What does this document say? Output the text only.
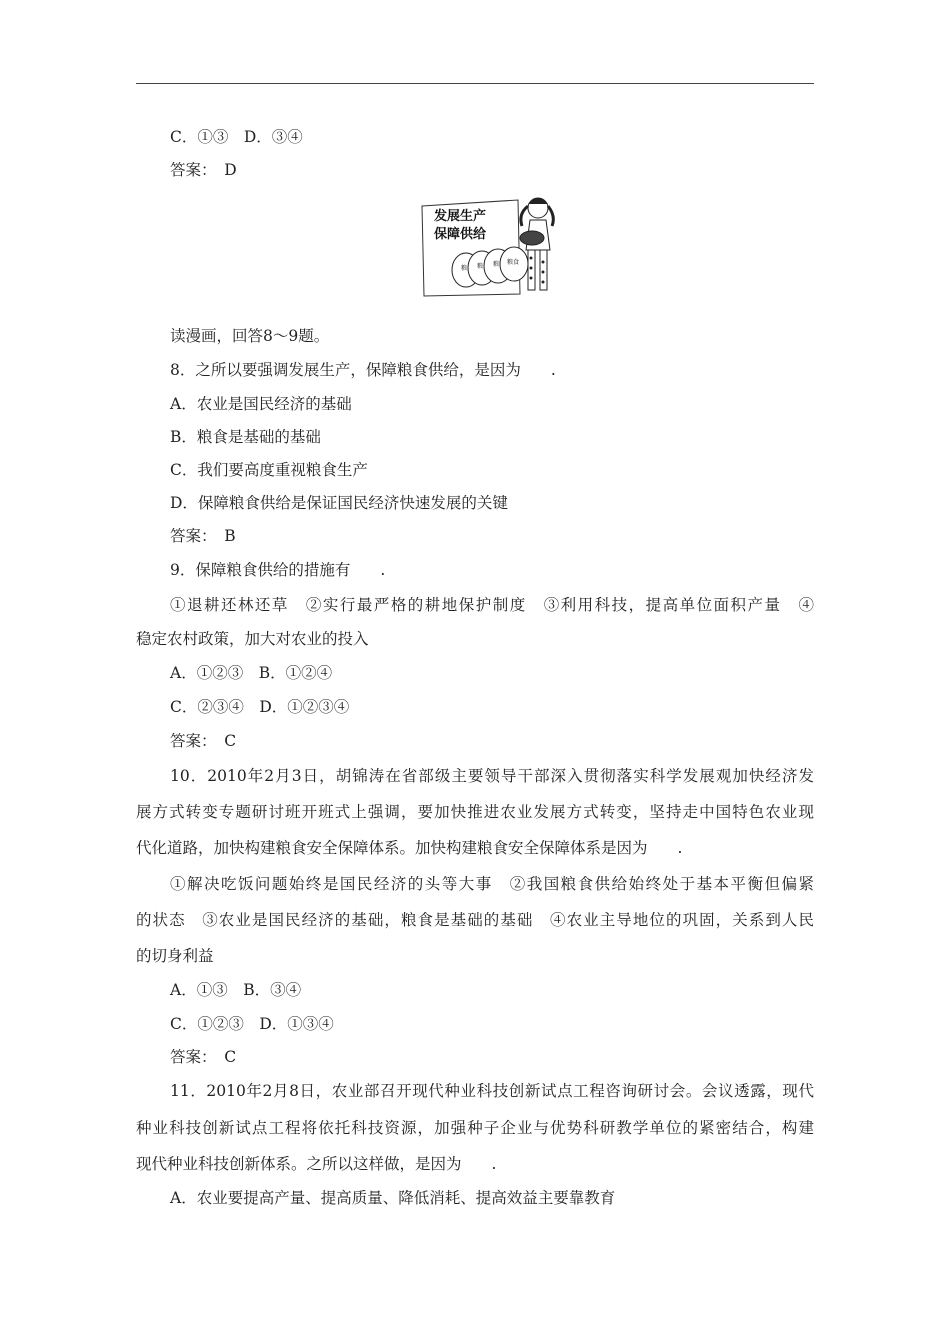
C．①③　D．③④
答案：　D
发展生产
保障供给
粮 粮 粮 粮食
读漫画，回答8～9题。
8．之所以要强调发展生产，保障粮食供给，是因为 .
A．农业是国民经济的基础
B．粮食是基础的基础
C．我们要高度重视粮食生产
D．保障粮食供给是保证国民经济快速发展的关键
答案：　B
9．保障粮食供给的措施有 .
①退耕还林还草　②实行最严格的耕地保护制度　③利用科技，提高单位面积产量　④
稳定农村政策，加大对农业的投入
A．①②③　B．①②④
C．②③④　D．①②③④
答案：　C
10．2010年2月3日，胡锦涛在省部级主要领导干部深入贯彻落实科学发展观加快经济发
展方式转变专题研讨班开班式上强调，要加快推进农业发展方式转变，坚持走中国特色农业现
代化道路，加快构建粮食安全保障体系。加快构建粮食安全保障体系是因为 .
①解决吃饭问题始终是国民经济的头等大事　②我国粮食供给始终处于基本平衡但偏紧
的状态　③农业是国民经济的基础，粮食是基础的基础　④农业主导地位的巩固，关系到人民
的切身利益
A．①③　B．③④
C．①②③　D．①③④
答案：　C
11．2010年2月8日，农业部召开现代种业科技创新试点工程咨询研讨会。会议透露，现代
种业科技创新试点工程将依托科技资源，加强种子企业与优势科研教学单位的紧密结合，构建
现代种业科技创新体系。之所以这样做，是因为 .
A．农业要提高产量、提高质量、降低消耗、提高效益主要靠教育
